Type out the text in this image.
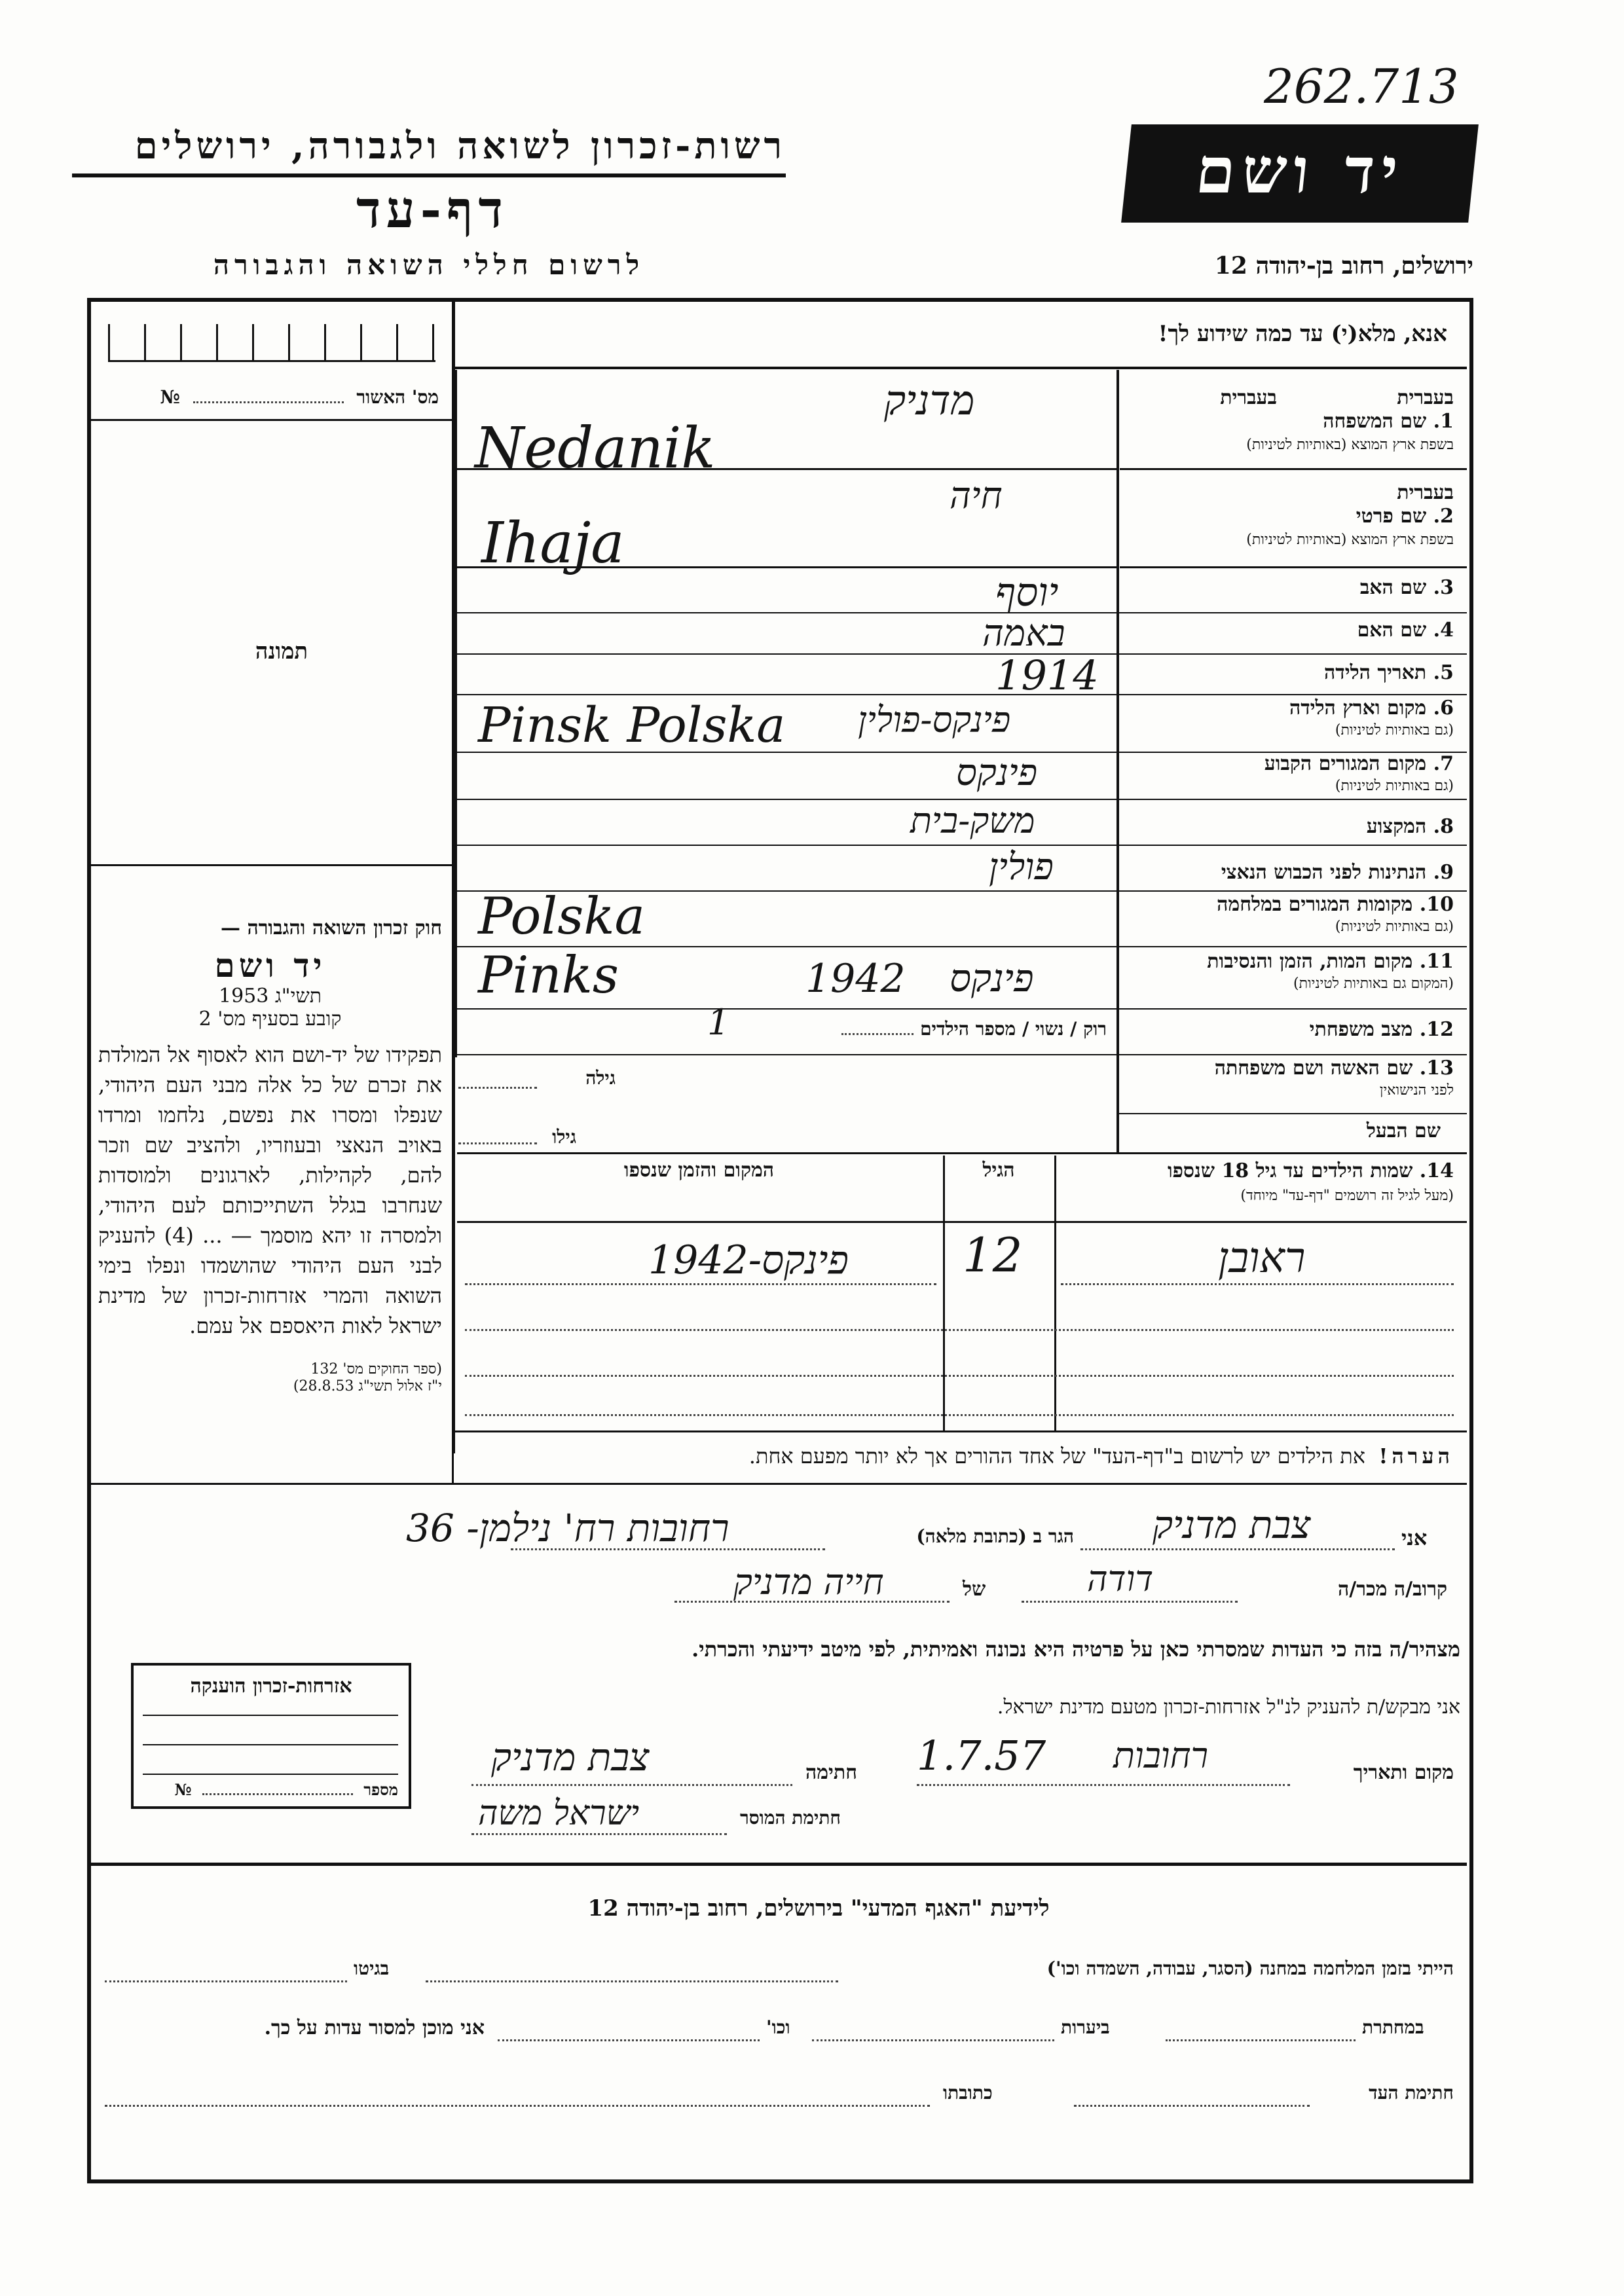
262.713
רשות-זכרון לשואה ולגבורה, ירושלים
דף-עד
לרשום חללי השואה והגבורה
יד ושם
ירושלים, רחוב בן-יהודה 12
אנא, מלא(י) עד כמה שידוע לך!
מס' האשור  №
תמונה
חוק זכרון השואה והגבורה —
יד ושם
תשי"ג 1953
קובע בסעיף מס' 2
תפקידו של יד-ושם הוא לאסוף אל המולדת את זכרם של כל אלה מבני העם היהודי, שנפלו ומסרו את נפשם, נלחמו ומרדו באויב הנאצי ובעוזריו, ולהציב שם וזכר להם, לקהילות, לארגונים ולמוסדות שנחרבו בגלל השתייכותם לעם היהודי, ולמסרה זו יהא מוסמך — ... (4) להעניק לבני העם היהודי שהושמדו ונפלו בימי השואה והמרי אזרחות-זכרון של מדינת ישראל לאות היאספם אל עמם.
(ספר החוקים מס' 132
י"ז אלול תשי"ג 28.8.53)
בעברית	בעברית
1. שם המשפחה
בשפת ארץ המוצא (באותיות לטיניות)
בעברית
2. שם פרטי
בשפת ארץ המוצא (באותיות לטיניות)
3. שם האב
4. שם האם
5. תאריך הלידה
6. מקום וארץ הלידה
(גם באותיות לטיניות)
7. מקום המגורים הקבוע
(גם באותיות לטיניות)
8. המקצוע
9. הנתינות לפני הכבוש הנאצי
10. מקומות המגורים במלחמה
(גם באותיות לטיניות)
11. מקום המות, הזמן והנסיבות
(המקום גם באותיות לטיניות)
12. מצב משפחתי
13. שם האשה ושם משפחתה
לפני הנישואין
שם הבעל
מדניק
Nedanik
חיה
Ihaja
יוסף
באמה
1914
פינקס-פולין
Pinsk Polska
פינקס
משק-בית
פולין
Polska
Pinks	1942 פינקס
רוק / נשוי / מספר הילדים
1
גילה
גילו
14. שמות הילדים עד גיל 18 שנספו
(מעל לגיל זה רושמים "דף-עד" מיוחד)
הגיל
המקום והזמן שנספו
ראובן
12
פינקס-1942
הערה!  את הילדים יש לרשום ב"דף-העד" של אחד ההורים אך לא יותר מפעם אחת.
אזרחות-זכרון הוענקה
מספר  №
אני
צבת מדניק
הגר ב (כתובת מלאה)
רחובות רח' נילמן- 36
קרוב/ה מכר/ה
דודה
של
חייה מדניק
מצהיר/ה בזה כי העדות שמסרתי כאן על פרטיה היא נכונה ואמיתית, לפי מיטב ידיעתי והכרתי.
אני מבקש/ת להעניק לנ"ל אזרחות-זכרון מטעם מדינת ישראל.
מקום ותאריך
רחובות
1.7.57
חתימה
צבת מדניק
חתימת המוסר
ישראל משה
לידיעת "האגף המדעי" בירושלים, רחוב בן-יהודה 12
הייתי בזמן המלחמה במחנה (הסגר, עבודה, השמדה וכו')
בגיטו
במחתרת
ביערות
וכו'
אני מוכן למסור עדות על כך.
חתימת העד
כתובתו
